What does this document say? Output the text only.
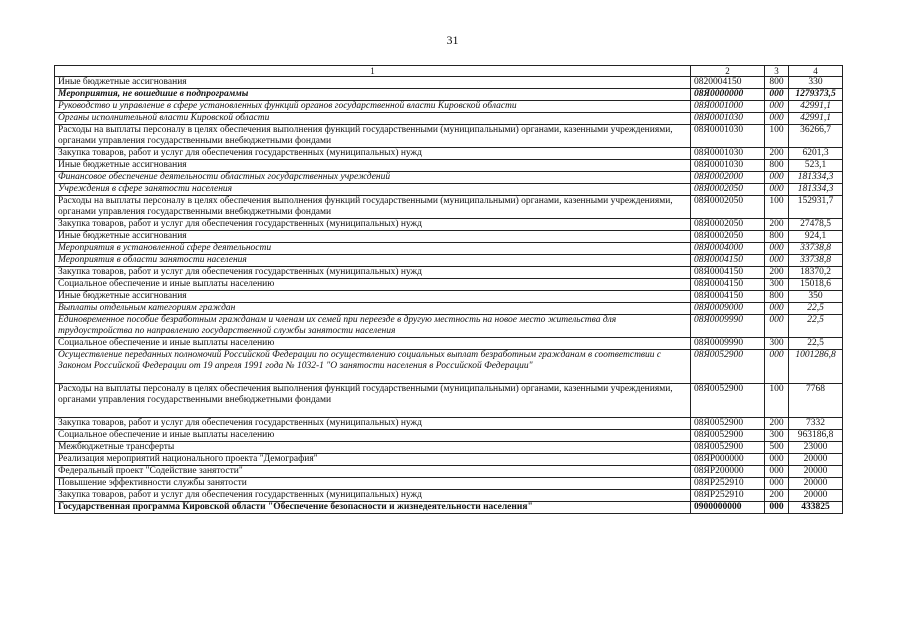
31
1	2	3	4
Иные бюджетные ассигнования	0820004150	800	330
Мероприятия, не вошедшие в подпрограммы	08Я0000000	000	1279373,5
Руководство и управление в сфере установленных функций органов государственной власти Кировской области	08Я0001000	000	42991,1
Органы исполнительной власти Кировской области	08Я0001030	000	42991,1
Расходы на выплаты персоналу в целях обеспечения выполнения функций государственными (муниципальными) органами, казенными учреждениями, органами управления государственными внебюджетными фондами	08Я0001030	100	36266,7
Закупка товаров, работ и услуг для обеспечения государственных (муниципальных) нужд	08Я0001030	200	6201,3
Иные бюджетные ассигнования	08Я0001030	800	523,1
Финансовое обеспечение деятельности областных государственных учреждений	08Я0002000	000	181334,3
Учреждения в сфере занятости населения	08Я0002050	000	181334,3
Расходы на выплаты персоналу в целях обеспечения выполнения функций государственными (муниципальными) органами, казенными учреждениями, органами управления государственными внебюджетными фондами	08Я0002050	100	152931,7
Закупка товаров, работ и услуг для обеспечения государственных (муниципальных) нужд	08Я0002050	200	27478,5
Иные бюджетные ассигнования	08Я0002050	800	924,1
Мероприятия в установленной сфере деятельности	08Я0004000	000	33738,8
Мероприятия в области занятости населения	08Я0004150	000	33738,8
Закупка товаров, работ и услуг для обеспечения государственных (муниципальных) нужд	08Я0004150	200	18370,2
Социальное обеспечение и иные выплаты населению	08Я0004150	300	15018,6
Иные бюджетные ассигнования	08Я0004150	800	350
Выплаты отдельным категориям граждан	08Я0009000	000	22,5
Единовременное пособие безработным гражданам и членам их семей при переезде в другую местность на новое место жительства для трудоустройства по направлению государственной службы занятости населения	08Я0009990	000	22,5
Социальное обеспечение и иные выплаты населению	08Я0009990	300	22,5
Осуществление переданных полномочий Российской Федерации по осуществлению социальных выплат безработным гражданам в соответствии с Законом Российской Федерации от 19 апреля 1991 года № 1032-1 "О занятости населения в Российской Федерации"	08Я0052900	000	1001286,8
Расходы на выплаты персоналу в целях обеспечения выполнения функций государственными (муниципальными) органами, казенными учреждениями, органами управления государственными внебюджетными фондами	08Я0052900	100	7768
Закупка товаров, работ и услуг для обеспечения государственных (муниципальных) нужд	08Я0052900	200	7332
Социальное обеспечение и иные выплаты населению	08Я0052900	300	963186,8
Межбюджетные трансферты	08Я0052900	500	23000
Реализация мероприятий национального проекта "Демография"	08ЯP000000	000	20000
Федеральный проект "Содействие занятости"	08ЯP200000	000	20000
Повышение эффективности службы занятости	08ЯP252910	000	20000
Закупка товаров, работ и услуг для обеспечения государственных (муниципальных) нужд	08ЯP252910	200	20000
Государственная программа Кировской области "Обеспечение безопасности и жизнедеятельности населения"	0900000000	000	433825
